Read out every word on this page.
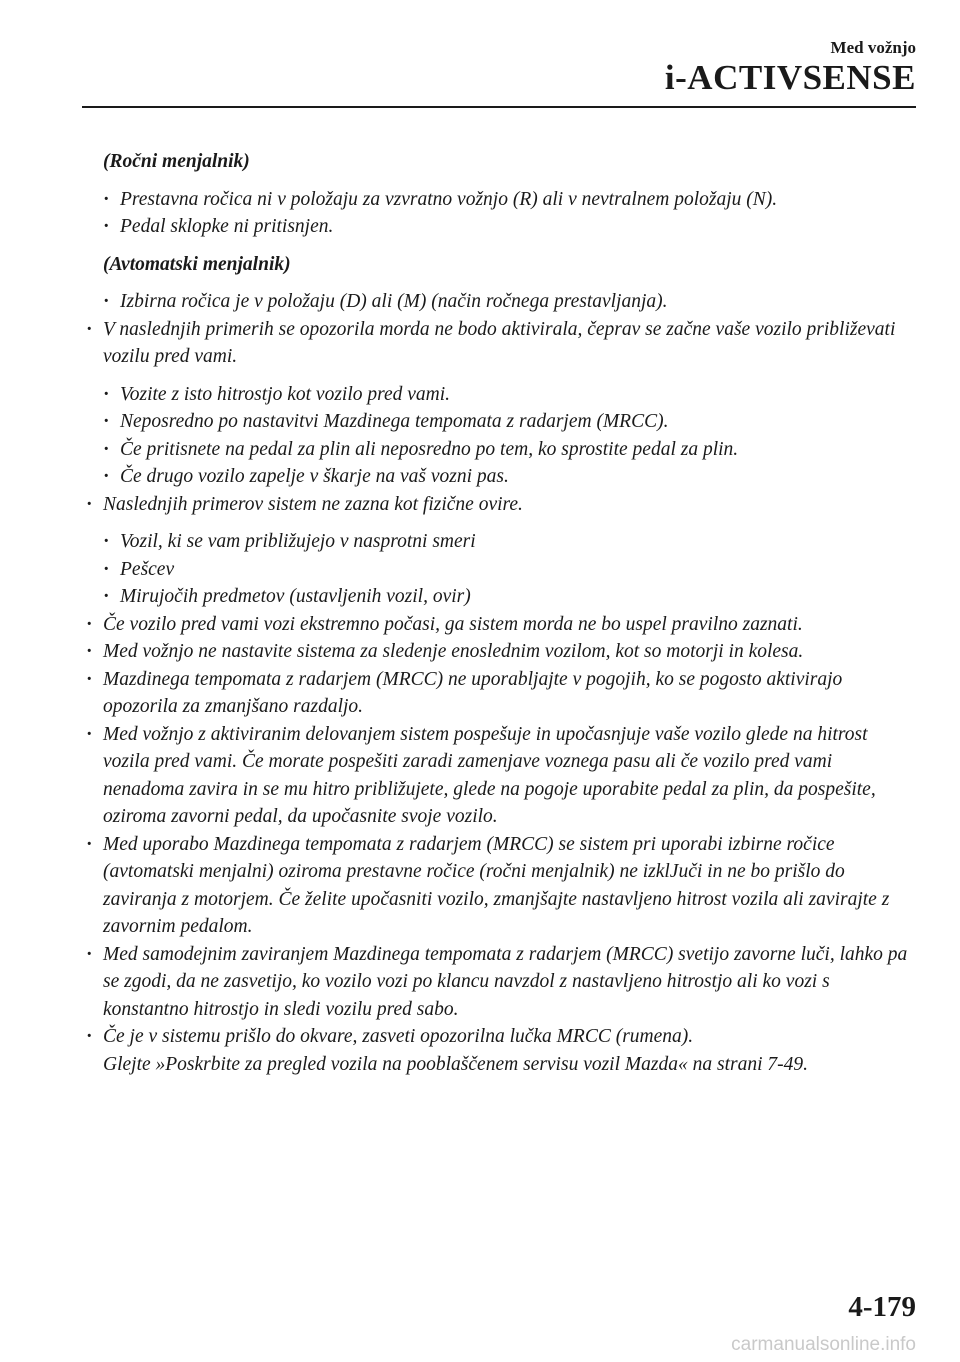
Med vožnjo
i-ACTIVSENSE

(Ročni menjalnik)

· Prestavna ročica ni v položaju za vzvratno vožnjo (R) ali v nevtralnem položaju (N).

· Pedal sklopke ni pritisnjen.

(Avtomatski menjalnik)

· Izbirna ročica je v položaju (D) ali (M) (način ročnega prestavljanja).

· V naslednjih primerih se opozorila morda ne bodo aktivirala, čeprav se začne vaše vozilo približevati vozilu pred vami.

· Vozite z isto hitrostjo kot vozilo pred vami.

· Neposredno po nastavitvi Mazdinega tempomata z radarjem (MRCC).

· Če pritisnete na pedal za plin ali neposredno po tem, ko sprostite pedal za plin.

· Če drugo vozilo zapelje v škarje na vaš vozni pas.

· Naslednjih primerov sistem ne zazna kot fizične ovire.

· Vozil, ki se vam približujejo v nasprotni smeri

· Pešcev

· Mirujočih predmetov (ustavljenih vozil, ovir)

· Če vozilo pred vami vozi ekstremno počasi, ga sistem morda ne bo uspel pravilno zaznati.

· Med vožnjo ne nastavite sistema za sledenje enoslednim vozilom, kot so motorji in kolesa.

· Mazdinega tempomata z radarjem (MRCC) ne uporabljajte v pogojih, ko se pogosto aktivirajo opozorila za zmanjšano razdaljo.

· Med vožnjo z aktiviranim delovanjem sistem pospešuje in upočasnjuje vaše vozilo glede na hitrost vozila pred vami. Če morate pospešiti zaradi zamenjave voznega pasu ali če vozilo pred vami nenadoma zavira in se mu hitro približujete, glede na pogoje uporabite pedal za plin, da pospešite, oziroma zavorni pedal, da upočasnite svoje vozilo.

· Med uporabo Mazdinega tempomata z radarjem (MRCC) se sistem pri uporabi izbirne ročice (avtomatski menjalni) oziroma prestavne ročice (ročni menjalnik) ne izklJuči in ne bo prišlo do zaviranja z motorjem. Če želite upočasniti vozilo, zmanjšajte nastavljeno hitrost vozila ali zavirajte z zavornim pedalom.

· Med samodejnim zaviranjem Mazdinega tempomata z radarjem (MRCC) svetijo zavorne luči, lahko pa se zgodi, da ne zasvetijo, ko vozilo vozi po klancu navzdol z nastavljeno hitrostjo ali ko vozi s konstantno hitrostjo in sledi vozilu pred sabo.

· Če je v sistemu prišlo do okvare, zasveti opozorilna lučka MRCC (rumena).

Glejte »Poskrbite za pregled vozila na pooblaščenem servisu vozil Mazda« na strani 7-49.

4-179
carmanualsonline.info
